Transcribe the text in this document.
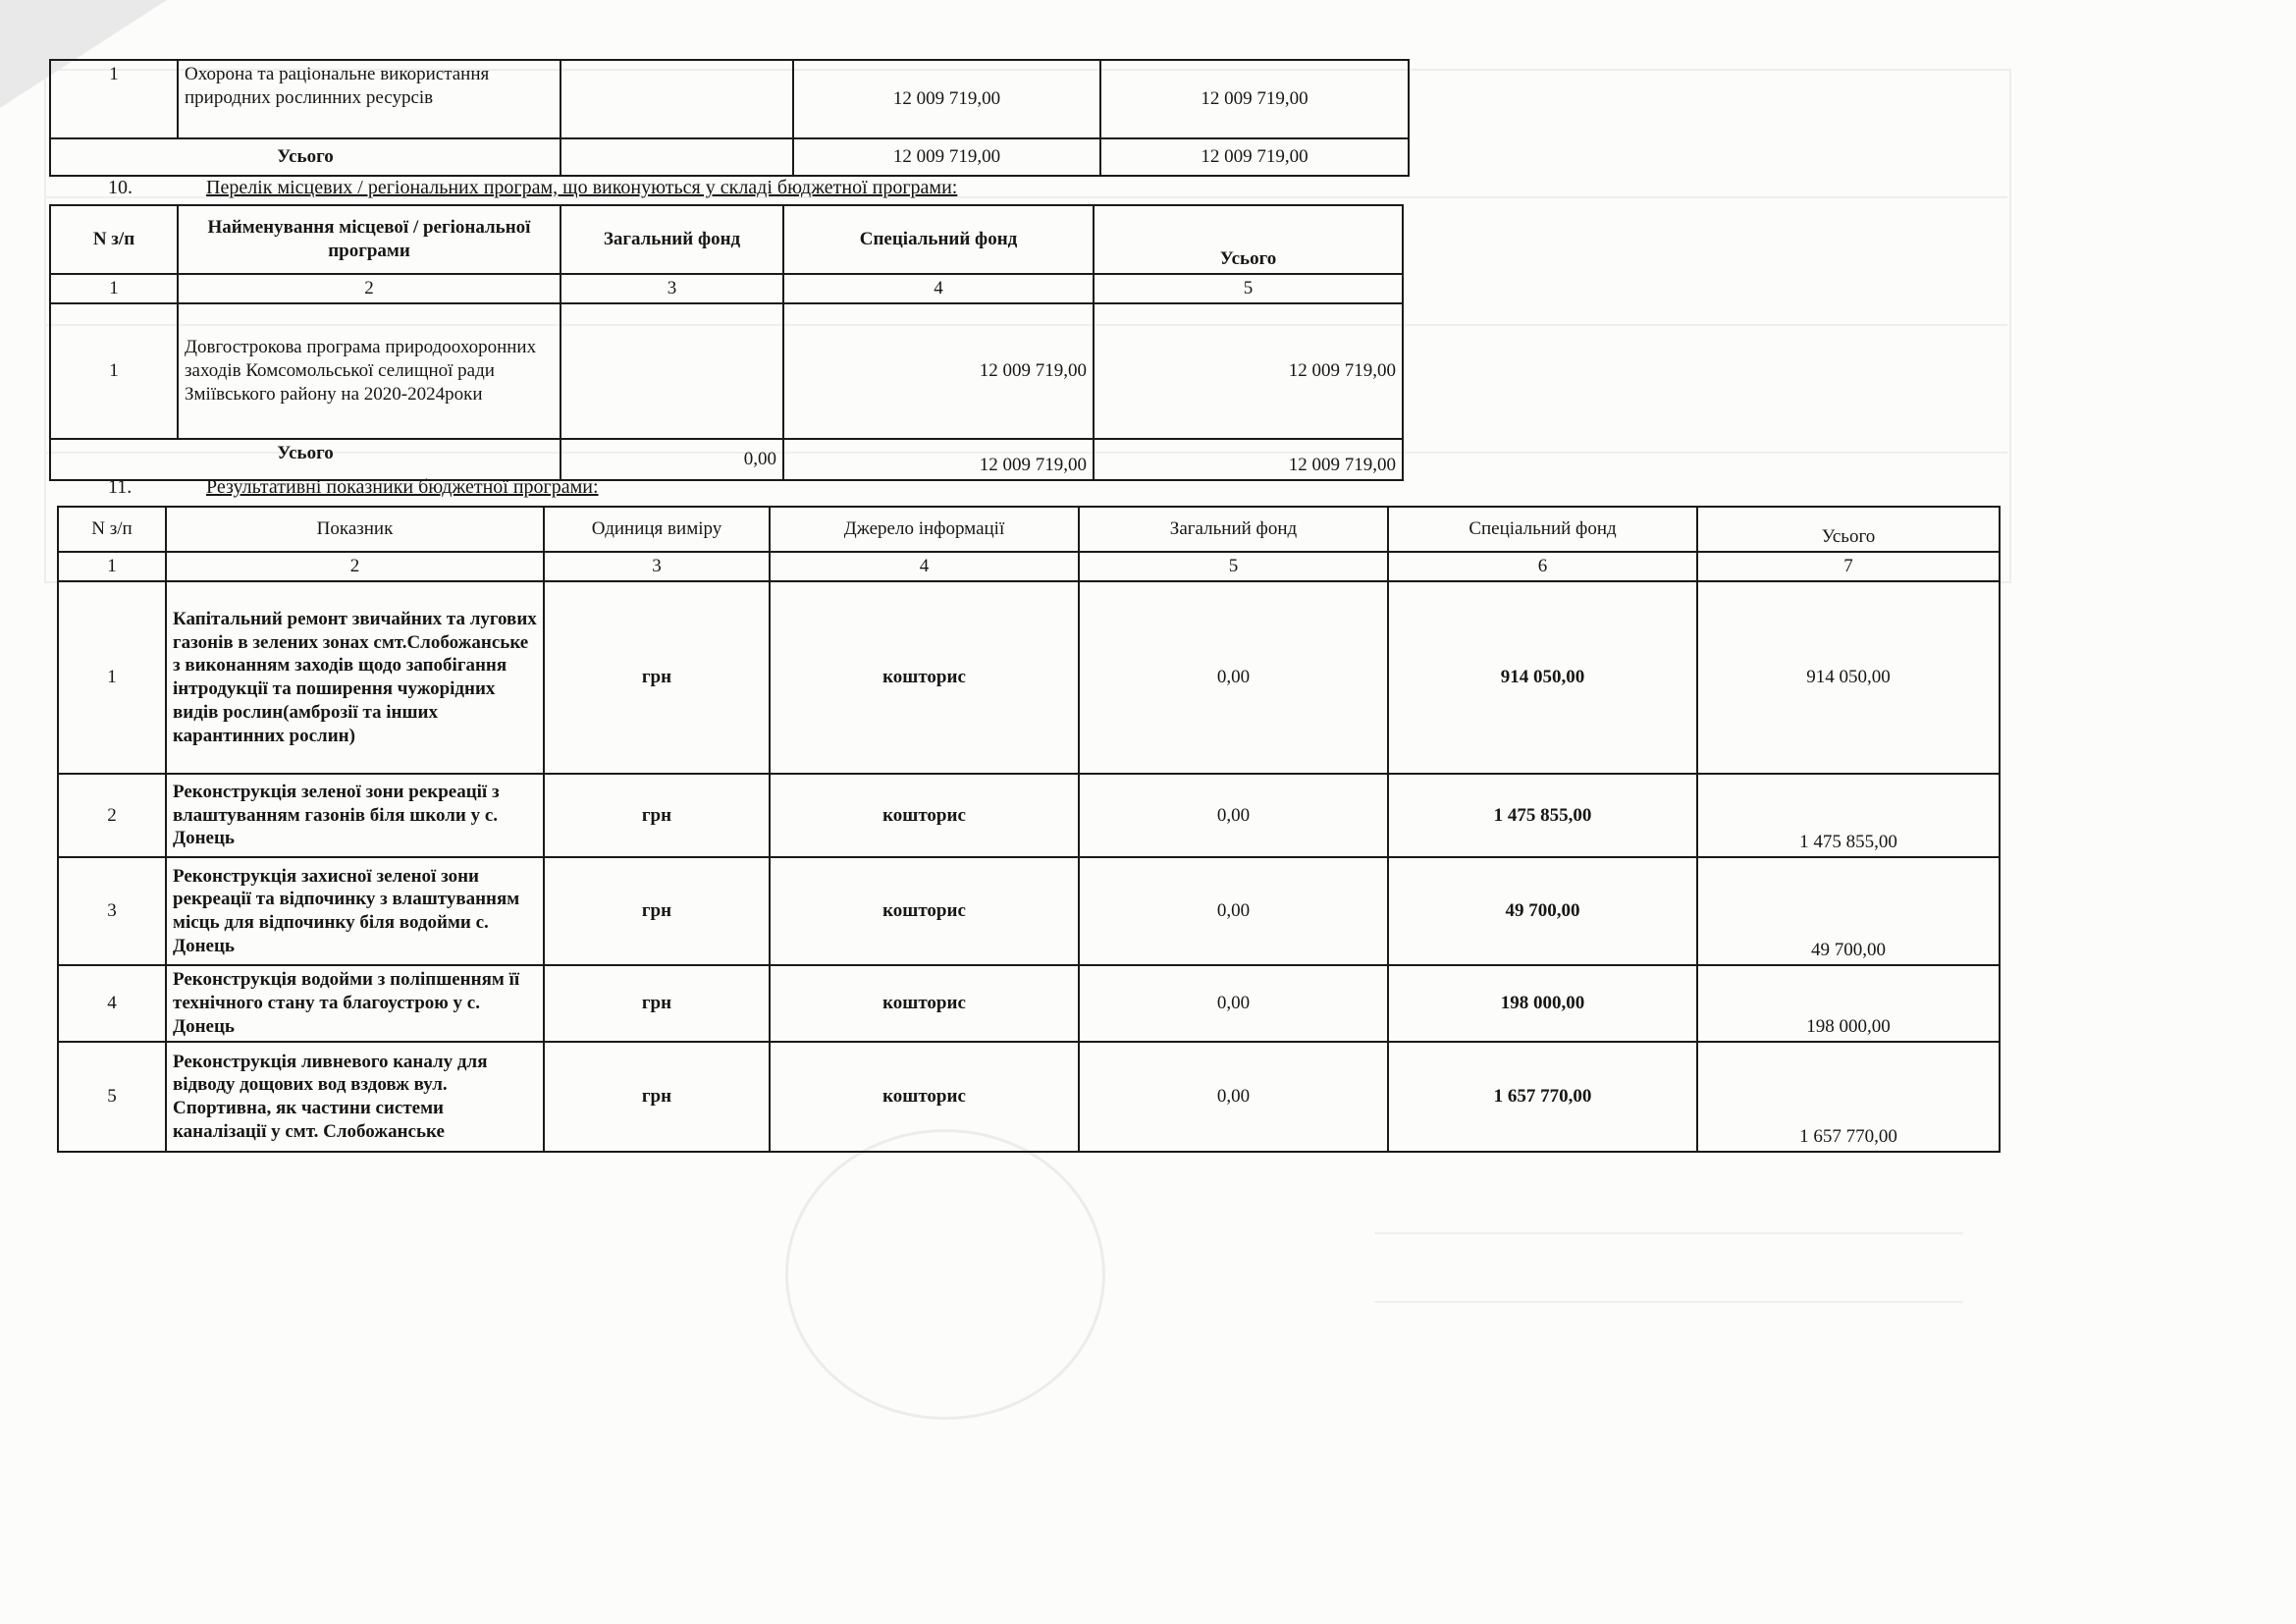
1	Охорона та раціональне використання природних рослинних ресурсів		12 009 719,00	12 009 719,00
Усього			12 009 719,00	12 009 719,00
10.	Перелік місцевих / регіональних програм, що виконуються у складі бюджетної програми:
N з/п	Найменування місцевої / регіональної програми	Загальний фонд	Спеціальний фонд	Усього
1	2	3	4	5
1	Довгострокова програма природоохоронних заходів Комсомольської селищної ради Зміївського району на 2020-2024роки		12 009 719,00	12 009 719,00
Усього		0,00	12 009 719,00	12 009 719,00
11.	Результативні показники бюджетної програми:
N з/п	Показник	Одиниця виміру	Джерело інформації	Загальний фонд	Спеціальний фонд	Усього
1	2	3	4	5	6	7
1	Капітальний ремонт звичайних та лугових газонів в зелених зонах смт.Слобожанське з виконанням заходів щодо запобігання інтродукції та поширення чужорідних видів рослин(амброзії та інших карантинних рослин)	грн	кошторис	0,00	914 050,00	914 050,00
2	Реконструкція зеленої зони рекреації з влаштуванням газонів біля школи у с. Донець	грн	кошторис	0,00	1 475 855,00	1 475 855,00
3	Реконструкція захисної зеленої зони рекреації та відпочинку з влаштуванням місць для відпочинку біля водойми с. Донець	грн	кошторис	0,00	49 700,00	49 700,00
4	Реконструкція водойми з поліпшенням її технічного стану та благоустрою у с. Донець	грн	кошторис	0,00	198 000,00	198 000,00
5	Реконструкція ливневого каналу для відводу дощових вод вздовж вул. Спортивна, як частини системи каналізації у смт. Слобожанське	грн	кошторис	0,00	1 657 770,00	1 657 770,00
